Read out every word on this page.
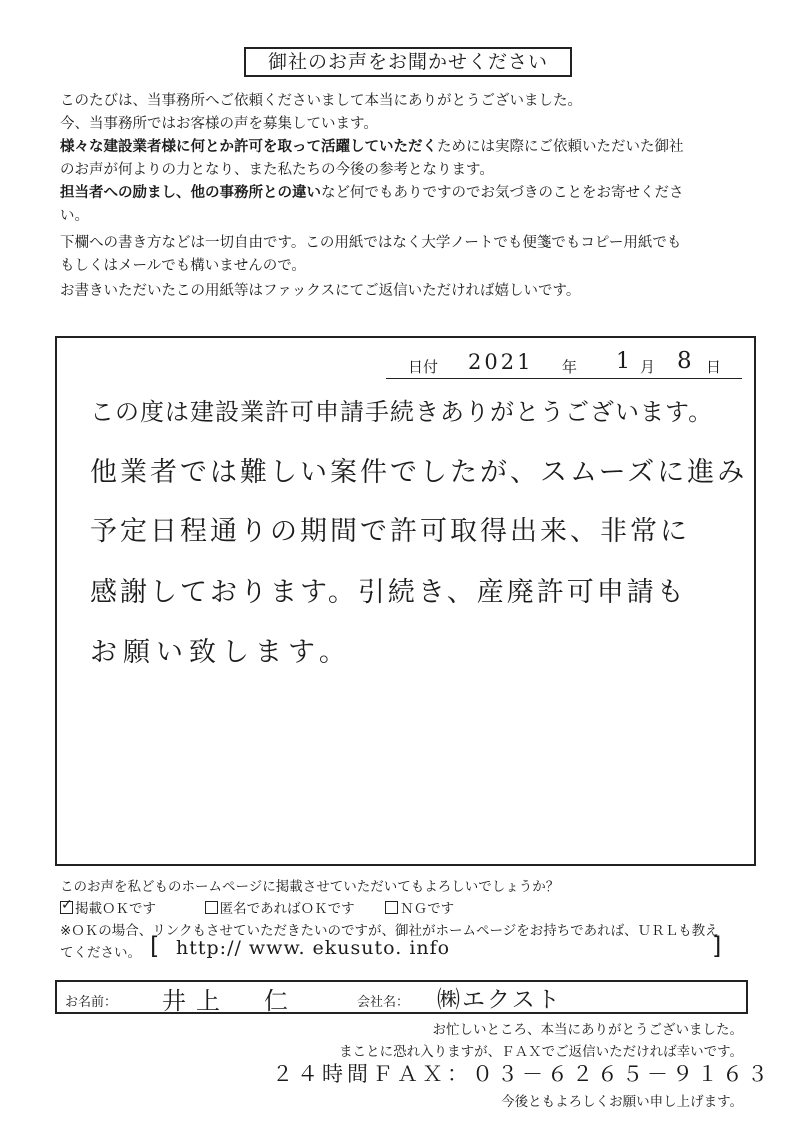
御社のお声をお聞かせください
このたびは、当事務所へご依頼くださいまして本当にありがとうございました。
今、当事務所ではお客様の声を募集しています。
様々な建設業者様に何とか許可を取って活躍していただくためには実際にご依頼いただいた御社
のお声が何よりの力となり、また私たちの今後の参考となります。
担当者への励まし、他の事務所との違いなど何でもありですのでお気づきのことをお寄せくださ
い。
下欄への書き方などは一切自由です。この用紙ではなく大学ノートでも便箋でもコピー用紙でも
もしくはメールでも構いませんので。
お書きいただいたこの用紙等はファックスにてご返信いただければ嬉しいです。
日付 2021 年 1 月 8 日
この度は建設業許可申請手続きありがとうございます。
他業者では難しい案件でしたが、スムーズに進み
予定日程通りの期間で許可取得出来、非常に
感謝しております。引続き、産廃許可申請も
お願い致します。
このお声を私どものホームページに掲載させていただいてもよろしいでしょうか？
✓掲載ＯＫです	匿名であればＯＫです	ＮＧです
※ＯＫの場合、リンクもさせていただきたいのですが、御社がホームページをお持ちであれば、ＵＲＬも教え
てください。 [ http:// www. ekusuto. info	]
お名前： 井上　仁	会社名： ㈱エクスト
お忙しいところ、本当にありがとうございました。
まことに恐れ入りますが、ＦＡＸでご返信いただければ幸いです。
２４時間ＦＡＸ：０３－６２６５－９１６３
今後ともよろしくお願い申し上げます。
